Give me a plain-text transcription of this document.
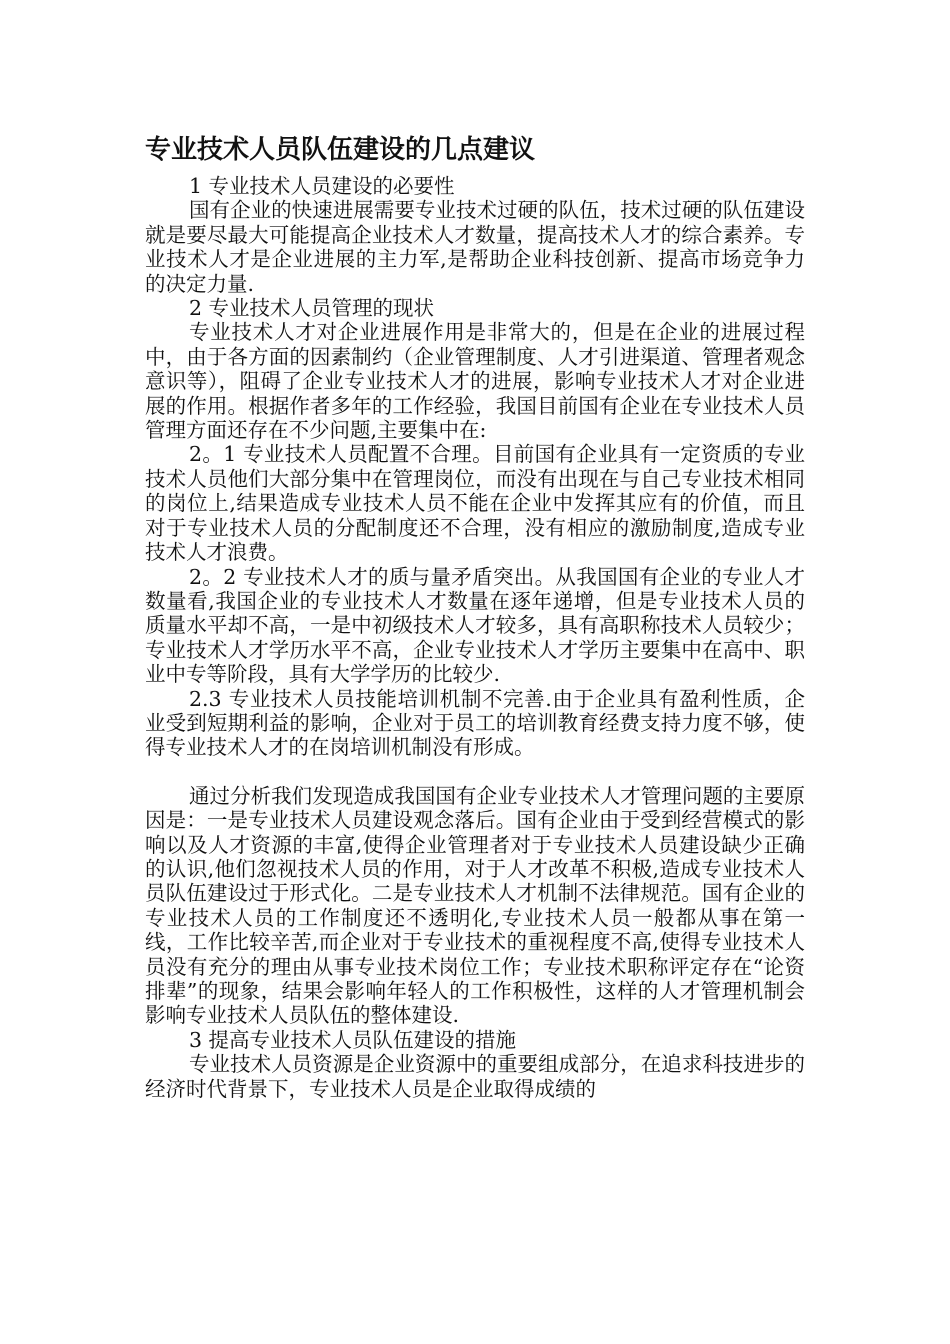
专业技术人员队伍建设的几点建议

1 专业技术人员建设的必要性

国有企业的快速进展需要专业技术过硬的队伍，技术过硬的队伍建设就是要尽最大可能提高企业技术人才数量，提高技术人才的综合素养。专业技术人才是企业进展的主力军,是帮助企业科技创新、提高市场竞争力的决定力量.

2 专业技术人员管理的现状

专业技术人才对企业进展作用是非常大的，但是在企业的进展过程中，由于各方面的因素制约（企业管理制度、人才引进渠道、管理者观念意识等），阻碍了企业专业技术人才的进展，影响专业技术人才对企业进展的作用。根据作者多年的工作经验，我国目前国有企业在专业技术人员管理方面还存在不少问题,主要集中在:

2。1 专业技术人员配置不合理。目前国有企业具有一定资质的专业技术人员他们大部分集中在管理岗位，而没有出现在与自己专业技术相同的岗位上,结果造成专业技术人员不能在企业中发挥其应有的价值，而且对于专业技术人员的分配制度还不合理，没有相应的激励制度,造成专业技术人才浪费。

2。2 专业技术人才的质与量矛盾突出。从我国国有企业的专业人才数量看,我国企业的专业技术人才数量在逐年递增，但是专业技术人员的质量水平却不高，一是中初级技术人才较多，具有高职称技术人员较少；专业技术人才学历水平不高，企业专业技术人才学历主要集中在高中、职业中专等阶段，具有大学学历的比较少.

2.3 专业技术人员技能培训机制不完善.由于企业具有盈利性质，企业受到短期利益的影响，企业对于员工的培训教育经费支持力度不够，使得专业技术人才的在岗培训机制没有形成。

通过分析我们发现造成我国国有企业专业技术人才管理问题的主要原因是：一是专业技术人员建设观念落后。国有企业由于受到经营模式的影响以及人才资源的丰富,使得企业管理者对于专业技术人员建设缺少正确的认识,他们忽视技术人员的作用，对于人才改革不积极,造成专业技术人员队伍建设过于形式化。二是专业技术人才机制不法律规范。国有企业的专业技术人员的工作制度还不透明化,专业技术人员一般都从事在第一线，工作比较辛苦,而企业对于专业技术的重视程度不高,使得专业技术人员没有充分的理由从事专业技术岗位工作；专业技术职称评定存在“论资排辈”的现象，结果会影响年轻人的工作积极性，这样的人才管理机制会影响专业技术人员队伍的整体建设.

3 提高专业技术人员队伍建设的措施

专业技术人员资源是企业资源中的重要组成部分，在追求科技进步的经济时代背景下，专业技术人员是企业取得成绩的
